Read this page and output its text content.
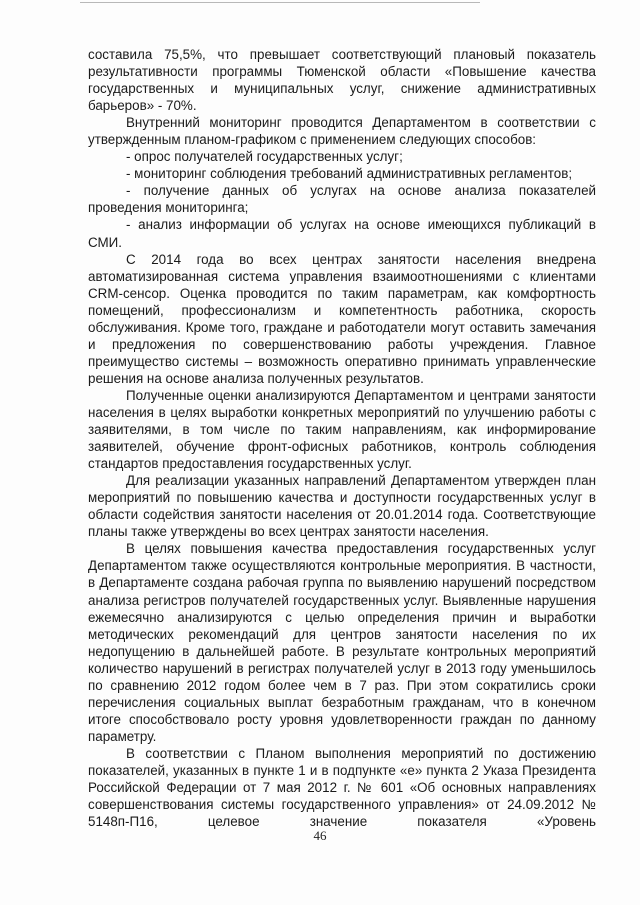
составила 75,5%, что превышает соответствующий плановый показатель результативности программы Тюменской области «Повышение качества государственных и муниципальных услуг, снижение административных барьеров» - 70%.

Внутренний мониторинг проводится Департаментом в соответствии с утвержденным планом-графиком с применением следующих способов:

- опрос получателей государственных услуг;

- мониторинг соблюдения требований административных регламентов;

- получение данных об услугах на основе анализа показателей проведения мониторинга;

- анализ информации об услугах на основе имеющихся публикаций в СМИ.

С 2014 года во всех центрах занятости населения внедрена автоматизированная система управления взаимоотношениями с клиентами CRM-сенсор. Оценка проводится по таким параметрам, как комфортность помещений, профессионализм и компетентность работника, скорость обслуживания. Кроме того, граждане и работодатели могут оставить замечания и предложения по совершенствованию работы учреждения. Главное преимущество системы – возможность оперативно принимать управленческие решения на основе анализа полученных результатов.

Полученные оценки анализируются Департаментом и центрами занятости населения в целях выработки конкретных мероприятий по улучшению работы с заявителями, в том числе по таким направлениям, как информирование заявителей, обучение фронт-офисных работников, контроль соблюдения стандартов предоставления государственных услуг.

Для реализации указанных направлений Департаментом утвержден план мероприятий по повышению качества и доступности государственных услуг в области содействия занятости населения от 20.01.2014 года. Соответствующие планы также утверждены во всех центрах занятости населения.

В целях повышения качества предоставления государственных услуг Департаментом также осуществляются контрольные мероприятия. В частности, в Департаменте создана рабочая группа по выявлению нарушений посредством анализа регистров получателей государственных услуг. Выявленные нарушения ежемесячно анализируются с целью определения причин и выработки методических рекомендаций для центров занятости населения по их недопущению в дальнейшей работе. В результате контрольных мероприятий количество нарушений в регистрах получателей услуг в 2013 году уменьшилось по сравнению 2012 годом более чем в 7 раз. При этом сократились сроки перечисления социальных выплат безработным гражданам, что в конечном итоге способствовало росту уровня удовлетворенности граждан по данному параметру.

В соответствии с Планом выполнения мероприятий по достижению показателей, указанных в пункте 1 и в подпункте «е» пункта 2 Указа Президента Российской Федерации от 7 мая 2012 г. № 601 «Об основных направлениях совершенствования системы государственного управления» от 24.09.2012 № 5148п-П16, целевое значение показателя «Уровень

46
